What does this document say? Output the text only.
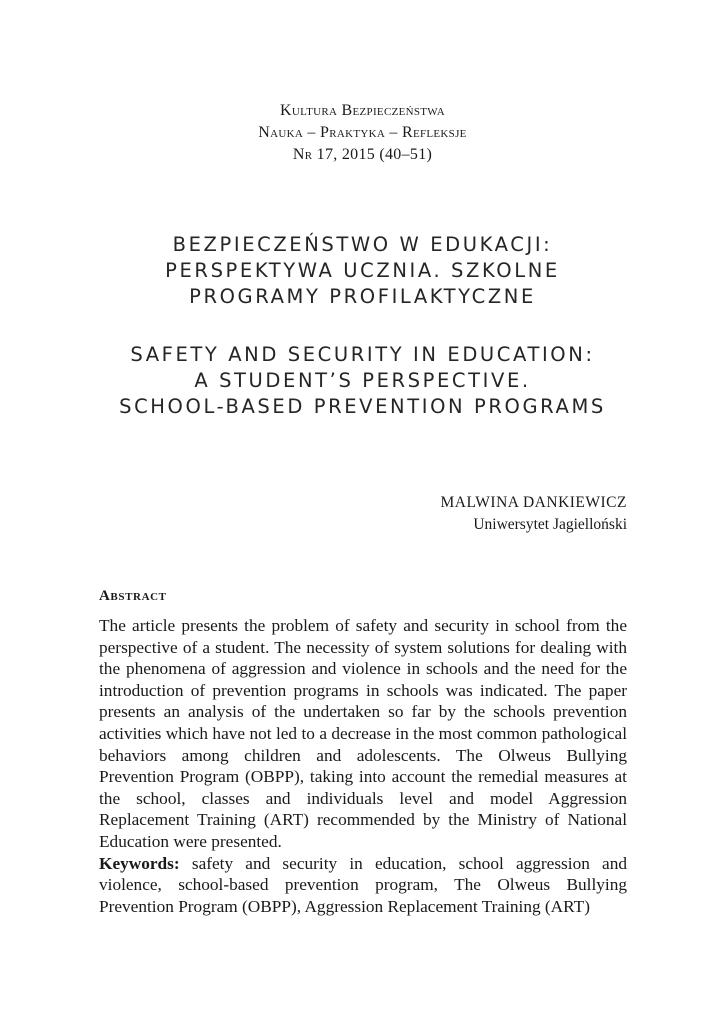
Kultura Bezpieczeństwa
Nauka – Praktyka – Refleksje
Nr 17, 2015 (40–51)
BEZPIECZEŃSTWO W EDUKACJI:
PERSPEKTYWA UCZNIA. SZKOLNE
PROGRAMY PROFILAKTYCZNE
SAFETY AND SECURITY IN EDUCATION:
A STUDENT’S PERSPECTIVE.
SCHOOL-BASED PREVENTION PROGRAMS
MALWINA DANKIEWICZ
Uniwersytet Jagielloński

Abstract

The article presents the problem of safety and security in school from the perspective of a student. The necessity of system solutions for dealing with the phenomena of aggression and violence in schools and the need for the introduction of prevention programs in schools was indicated. The paper presents an analysis of the undertaken so far by the schools prevention activities which have not led to a decrease in the most common pathological behaviors among children and adolescents. The Olweus Bullying Prevention Program (OBPP), taking into account the remedial measures at the school, classes and individuals level and model Aggression Replacement Training (ART) recommended by the Ministry of National Education were presented.
Keywords: safety and security in education, school aggression and violence, school-based prevention program, The Olweus Bullying Prevention Program (OBPP), Aggression Replacement Training (ART)
